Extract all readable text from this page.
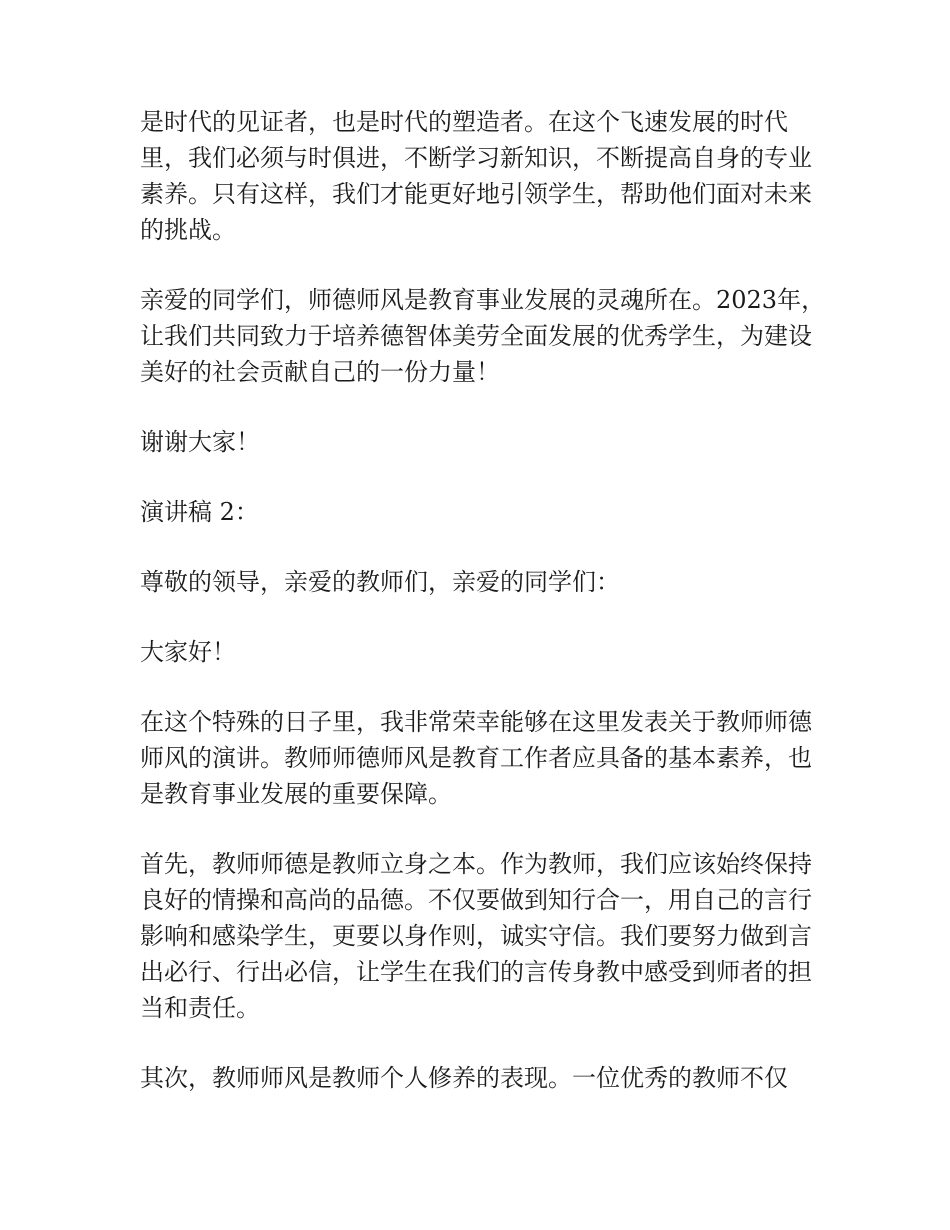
是时代的见证者，也是时代的塑造者。在这个飞速发展的时代里，我们必须与时俱进，不断学习新知识，不断提高自身的专业素养。只有这样，我们才能更好地引领学生，帮助他们面对未来的挑战。

亲爱的同学们，师德师风是教育事业发展的灵魂所在。2023年，让我们共同致力于培养德智体美劳全面发展的优秀学生，为建设美好的社会贡献自己的一份力量！

谢谢大家！

演讲稿 2：

尊敬的领导，亲爱的教师们，亲爱的同学们：

大家好！

在这个特殊的日子里，我非常荣幸能够在这里发表关于教师师德师风的演讲。教师师德师风是教育工作者应具备的基本素养，也是教育事业发展的重要保障。

首先，教师师德是教师立身之本。作为教师，我们应该始终保持良好的情操和高尚的品德。不仅要做到知行合一，用自己的言行影响和感染学生，更要以身作则，诚实守信。我们要努力做到言出必行、行出必信，让学生在我们的言传身教中感受到师者的担当和责任。

其次，教师师风是教师个人修养的表现。一位优秀的教师不仅
